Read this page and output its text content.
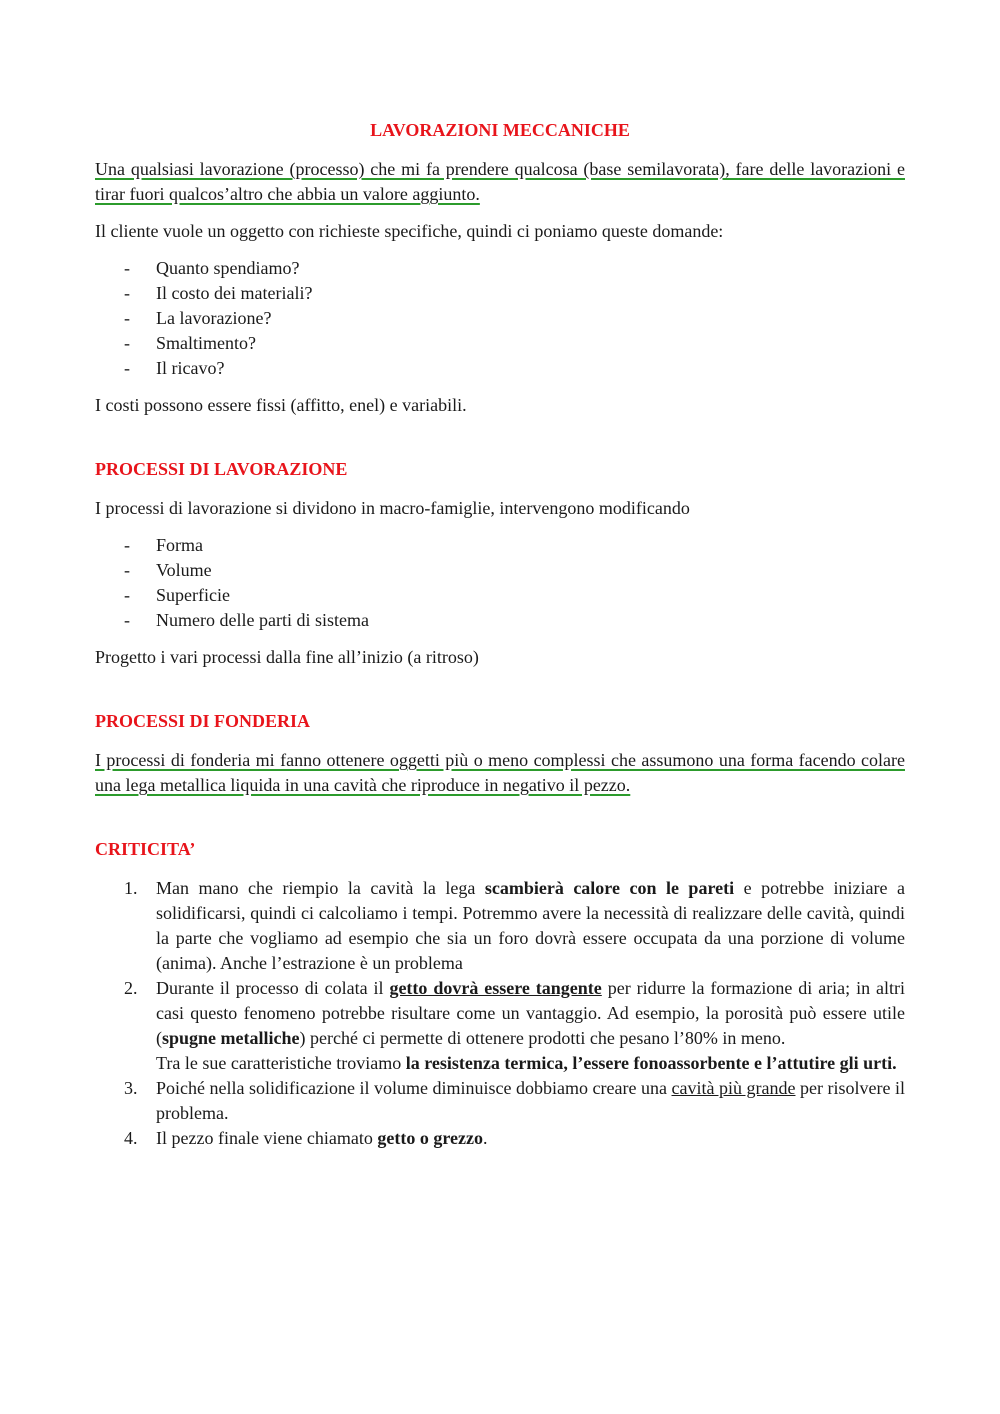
LAVORAZIONI MECCANICHE

Una qualsiasi lavorazione (processo) che mi fa prendere qualcosa (base semilavorata), fare delle lavorazioni e tirar fuori qualcos’altro che abbia un valore aggiunto.

Il cliente vuole un oggetto con richieste specifiche, quindi ci poniamo queste domande:

- Quanto spendiamo?
- Il costo dei materiali?
- La lavorazione?
- Smaltimento?
- Il ricavo?

I costi possono essere fissi (affitto, enel) e variabili.

PROCESSI DI LAVORAZIONE

I processi di lavorazione si dividono in macro-famiglie, intervengono modificando

- Forma
- Volume
- Superficie
- Numero delle parti di sistema

Progetto i vari processi dalla fine all’inizio (a ritroso)

PROCESSI DI FONDERIA

I processi di fonderia mi fanno ottenere oggetti più o meno complessi che assumono una forma facendo colare una lega metallica liquida in una cavità che riproduce in negativo il pezzo.

CRITICITA’
1. Man mano che riempio la cavità la lega scambierà calore con le pareti e potrebbe iniziare a solidificarsi, quindi ci calcoliamo i tempi. Potremmo avere la necessità di realizzare delle cavità, quindi la parte che vogliamo ad esempio che sia un foro dovrà essere occupata da una porzione di volume (anima). Anche l’estrazione è un problema
2. Durante il processo di colata il getto dovrà essere tangente per ridurre la formazione di aria; in altri casi questo fenomeno potrebbe risultare come un vantaggio. Ad esempio, la porosità può essere utile (spugne metalliche) perché ci permette di ottenere prodotti che pesano l’80% in meno.
Tra le sue caratteristiche troviamo la resistenza termica, l’essere fonoassorbente e l’attutire gli urti.
3. Poiché nella solidificazione il volume diminuisce dobbiamo creare una cavità più grande per risolvere il problema.
4. Il pezzo finale viene chiamato getto o grezzo.
